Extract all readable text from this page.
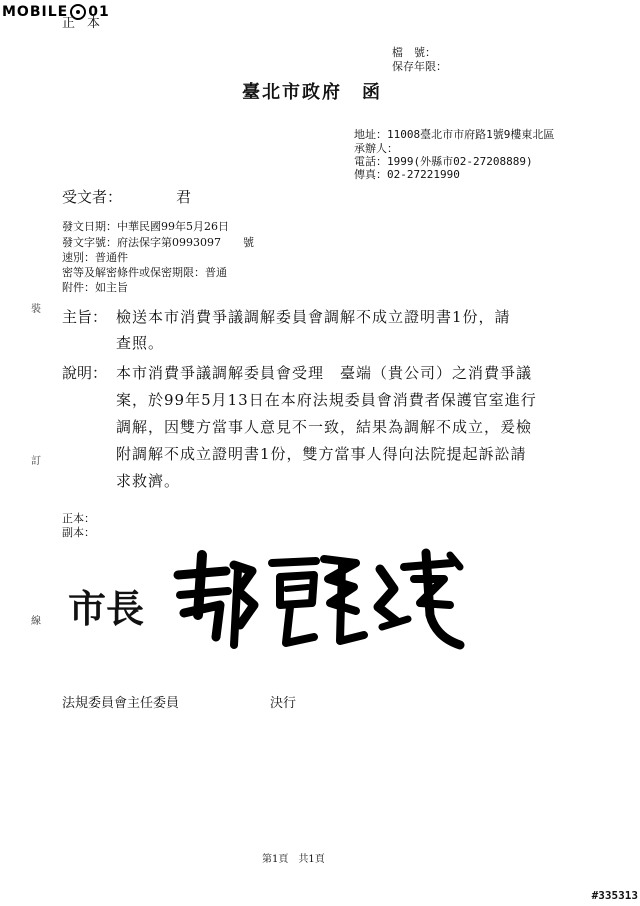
MOBILE 01
正本
檔　號：
保存年限：
臺北市政府　函
地址：11008臺北市市府路1號9樓東北區
承辦人：
電話：1999(外縣市02-27208889)
傳真：02-27221990
受文者：	君
發文日期：中華民國99年5月26日
發文字號：府法保字第0993097　　號
速別：普通件
密等及解密條件或保密期限：普通
附件：如主旨
主旨： 檢送本市消費爭議調解委員會調解不成立證明書1份，請
查照。
說明： 本市消費爭議調解委員會受理　臺端（貴公司）之消費爭議
案，於99年5月13日在本府法規委員會消費者保護官室進行
調解，因雙方當事人意見不一致，結果為調解不成立，爰檢
附調解不成立證明書1份，雙方當事人得向法院提起訴訟請
求救濟。
裝
訂
線
正本：
副本：
市長
法規委員會主任委員	決行
第1頁　共1頁
#335313
